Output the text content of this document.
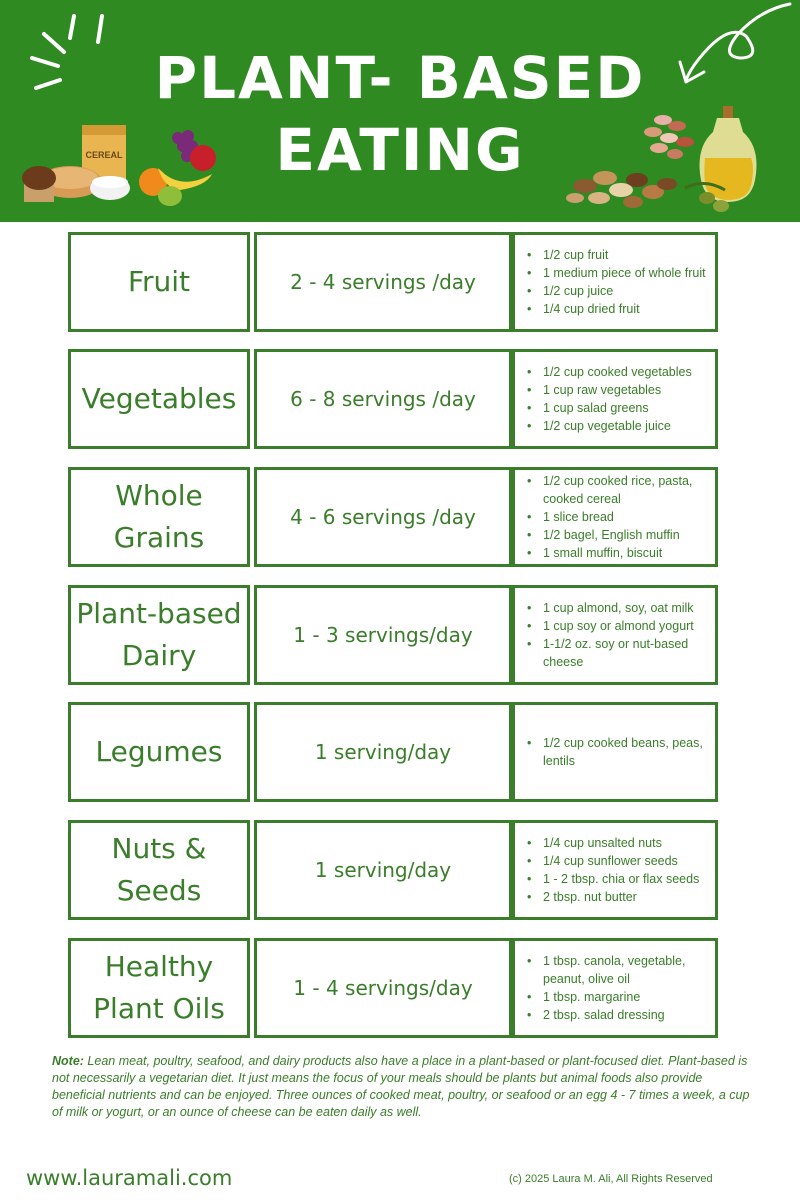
PLANT- BASED
EATING
CEREAL
Fruit	2 - 4 servings /day
• 1/2 cup fruit
• 1 medium piece of whole fruit
• 1/2 cup juice
• 1/4 cup dried fruit
Vegetables	6 - 8 servings /day
• 1/2 cup cooked vegetables
• 1 cup raw vegetables
• 1 cup salad greens
• 1/2 cup vegetable juice
Whole
Grains
4 - 6 servings /day
• 1/2 cup cooked rice, pasta, cooked cereal
• 1 slice bread
• 1/2 bagel, English muffin
• 1 small muffin, biscuit
Plant-based
Dairy
1 - 3 servings/day
• 1 cup almond, soy, oat milk
• 1 cup soy or almond yogurt
• 1-1/2 oz. soy or nut-based cheese
Legumes	1 serving/day
•	1/2 cup cooked beans, peas, lentils
Nuts &
Seeds
1 serving/day
• 1/4 cup unsalted nuts
• 1/4 cup sunflower seeds
• 1 - 2 tbsp. chia or flax seeds
• 2 tbsp. nut butter
Healthy
Plant Oils
1 - 4 servings/day
• 1 tbsp. canola, vegetable, peanut, olive oil
• 1 tbsp. margarine
• 2 tbsp. salad dressing
Note: Lean meat, poultry, seafood, and dairy products also have a place in a plant-based or plant-focused diet. Plant-based is not necessarily a vegetarian diet. It just means the focus of your meals should be plants but animal foods also provide beneficial nutrients and can be enjoyed. Three ounces of cooked meat, poultry, or seafood or an egg 4 - 7 times a week, a cup of milk or yogurt, or an ounce of cheese can be eaten daily as well.
www.lauramali.com	(c) 2025 Laura M. Ali, All Rights Reserved
